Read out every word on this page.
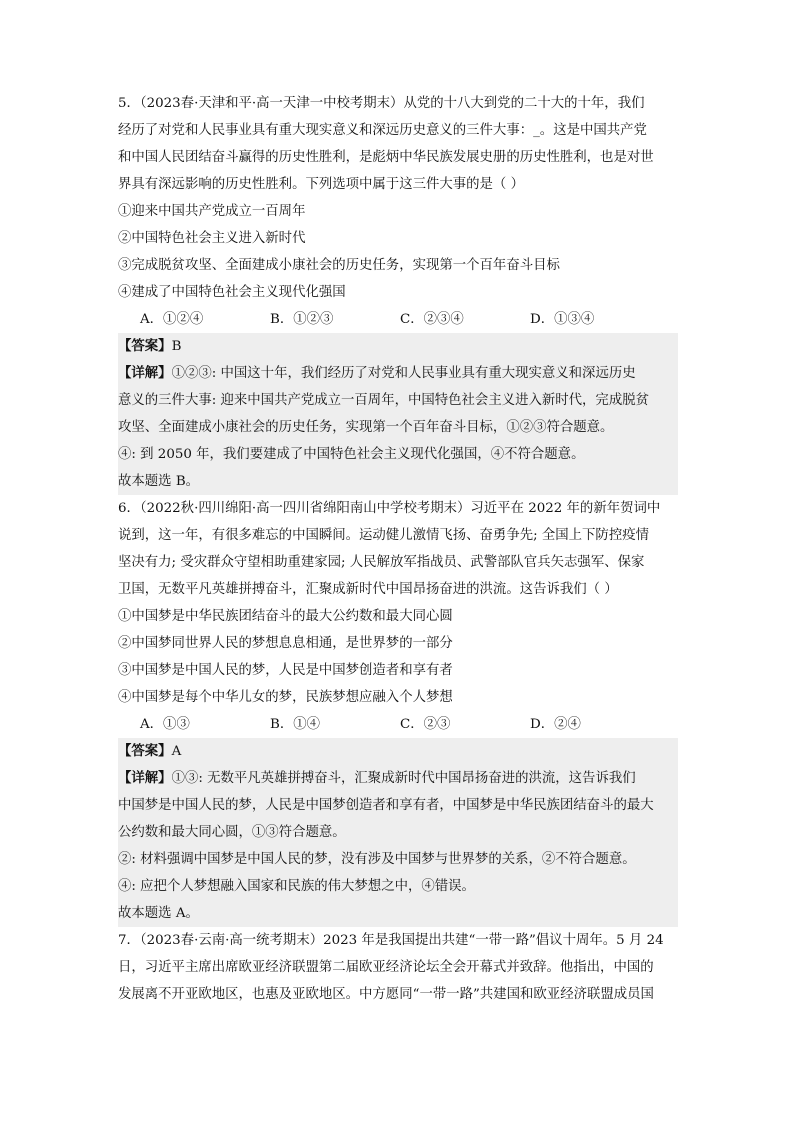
5．（2023春·天津和平·高一天津一中校考期末）从党的十八大到党的二十大的十年，我们
经历了对党和人民事业具有重大现实意义和深远历史意义的三件大事：_。这是中国共产党
和中国人民团结奋斗赢得的历史性胜利，是彪炳中华民族发展史册的历史性胜利，也是对世
界具有深远影响的历史性胜利。下列选项中属于这三件大事的是（ ）
①迎来中国共产党成立一百周年
②中国特色社会主义进入新时代
③完成脱贫攻坚、全面建成小康社会的历史任务，实现第一个百年奋斗目标
④建成了中国特色社会主义现代化强国
A．①②④	B．①②③	C．②③④	D．①③④
【答案】B
【详解】①②③: 中国这十年，我们经历了对党和人民事业具有重大现实意义和深远历史
意义的三件大事: 迎来中国共产党成立一百周年，中国特色社会主义进入新时代，完成脱贫
攻坚、全面建成小康社会的历史任务，实现第一个百年奋斗目标，①②③符合题意。
④: 到 2050 年，我们要建成了中国特色社会主义现代化强国，④不符合题意。
故本题选 B。
6．（2022秋·四川绵阳·高一四川省绵阳南山中学校考期末）习近平在 2022 年的新年贺词中
说到，这一年，有很多难忘的中国瞬间。运动健儿激情飞扬、奋勇争先; 全国上下防控疫情
坚决有力; 受灾群众守望相助重建家园; 人民解放军指战员、武警部队官兵矢志强军、保家
卫国，无数平凡英雄拼搏奋斗，汇聚成新时代中国昂扬奋进的洪流。这告诉我们（ ）
①中国梦是中华民族团结奋斗的最大公约数和最大同心圆
②中国梦同世界人民的梦想息息相通，是世界梦的一部分
③中国梦是中国人民的梦，人民是中国梦创造者和享有者
④中国梦是每个中华儿女的梦，民族梦想应融入个人梦想
A．①③	B．①④	C．②③	D．②④
【答案】A
【详解】①③: 无数平凡英雄拼搏奋斗，汇聚成新时代中国昂扬奋进的洪流，这告诉我们
中国梦是中国人民的梦，人民是中国梦创造者和享有者，中国梦是中华民族团结奋斗的最大
公约数和最大同心圆，①③符合题意。
②: 材料强调中国梦是中国人民的梦，没有涉及中国梦与世界梦的关系，②不符合题意。
④: 应把个人梦想融入国家和民族的伟大梦想之中，④错误。
故本题选 A。
7．（2023春·云南·高一统考期末）2023 年是我国提出共建“一带一路”倡议十周年。5 月 24
日，习近平主席出席欧亚经济联盟第二届欧亚经济论坛全会开幕式并致辞。他指出，中国的
发展离不开亚欧地区，也惠及亚欧地区。中方愿同“一带一路”共建国和欧亚经济联盟成员国
